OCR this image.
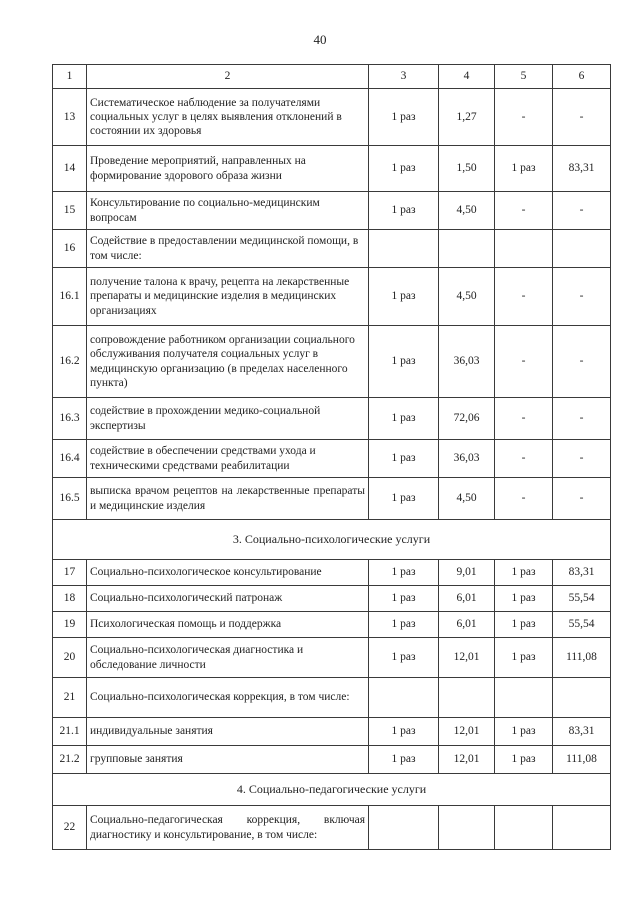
40
1	2	3	4	5	6
13	Систематическое наблюдение за получателями социальных услуг в целях выявления отклонений в состоянии их здоровья	1 раз	1,27	-	-
14	Проведение мероприятий, направленных на формирование здорового образа жизни	1 раз	1,50	1 раз	83,31
15	Консультирование по социально-медицинским вопросам	1 раз	4,50	-	-
16	Содействие в предоставлении медицинской помощи, в том числе:				
16.1	получение талона к врачу, рецепта на лекарственные препараты и медицинские изделия в медицинских организациях	1 раз	4,50	-	-
16.2	сопровождение работником организации социального обслуживания получателя социальных услуг в медицинскую организацию (в пределах населенного пункта)	1 раз	36,03	-	-
16.3	содействие в прохождении медико-социальной экспертизы	1 раз	72,06	-	-
16.4	содействие в обеспечении средствами ухода и техническими средствами реабилитации	1 раз	36,03	-	-
16.5	выписка врачом рецептов на лекарственные препараты и медицинские изделия	1 раз	4,50	-	-
3. Социально-психологические услуги					
17	Социально-психологическое консультирование	1 раз	9,01	1 раз	83,31
18	Социально-психологический патронаж	1 раз	6,01	1 раз	55,54
19	Психологическая помощь и поддержка	1 раз	6,01	1 раз	55,54
20	Социально-психологическая диагностика и обследование личности	1 раз	12,01	1 раз	111,08
21	Социально-психологическая коррекция, в том числе:				
21.1	индивидуальные занятия	1 раз	12,01	1 раз	83,31
21.2	групповые занятия	1 раз	12,01	1 раз	111,08
4. Социально-педагогические услуги					
22	Социально-педагогическая коррекция, включая диагностику и консультирование, в том числе:				
